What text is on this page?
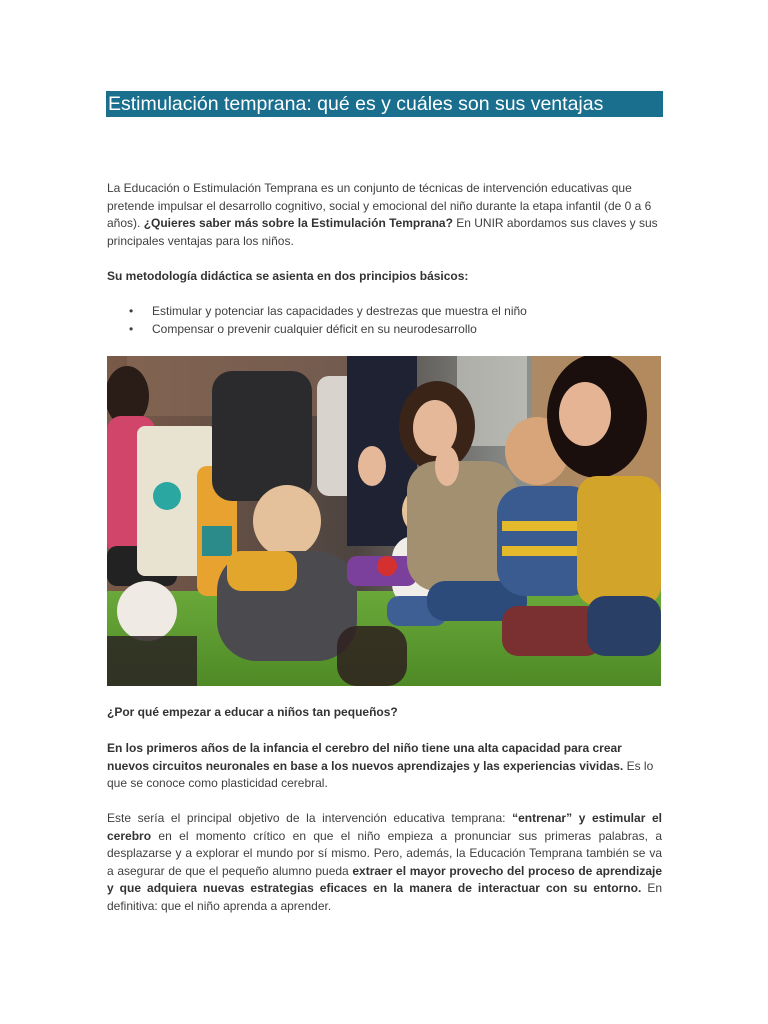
Estimulación temprana: qué es y cuáles son sus ventajas

La Educación o Estimulación Temprana es un conjunto de técnicas de intervención educativas que pretende impulsar el desarrollo cognitivo, social y emocional del niño durante la etapa infantil (de 0 a 6 años). ¿Quieres saber más sobre la Estimulación Temprana? En UNIR abordamos sus claves y sus principales ventajas para los niños.

Su metodología didáctica se asienta en dos principios básicos:

• Estimular y potenciar las capacidades y destrezas que muestra el niño
• Compensar o prevenir cualquier déficit en su neurodesarrollo

¿Por qué empezar a educar a niños tan pequeños?

En los primeros años de la infancia el cerebro del niño tiene una alta capacidad para crear nuevos circuitos neuronales en base a los nuevos aprendizajes y las experiencias vividas. Es lo que se conoce como plasticidad cerebral.

Este sería el principal objetivo de la intervención educativa temprana: “entrenar” y estimular el cerebro en el momento crítico en que el niño empieza a pronunciar sus primeras palabras, a desplazarse y a explorar el mundo por sí mismo. Pero, además, la Educación Temprana también se va a asegurar de que el pequeño alumno pueda extraer el mayor provecho del proceso de aprendizaje y que adquiera nuevas estrategias eficaces en la manera de interactuar con su entorno. En definitiva: que el niño aprenda a aprender.
